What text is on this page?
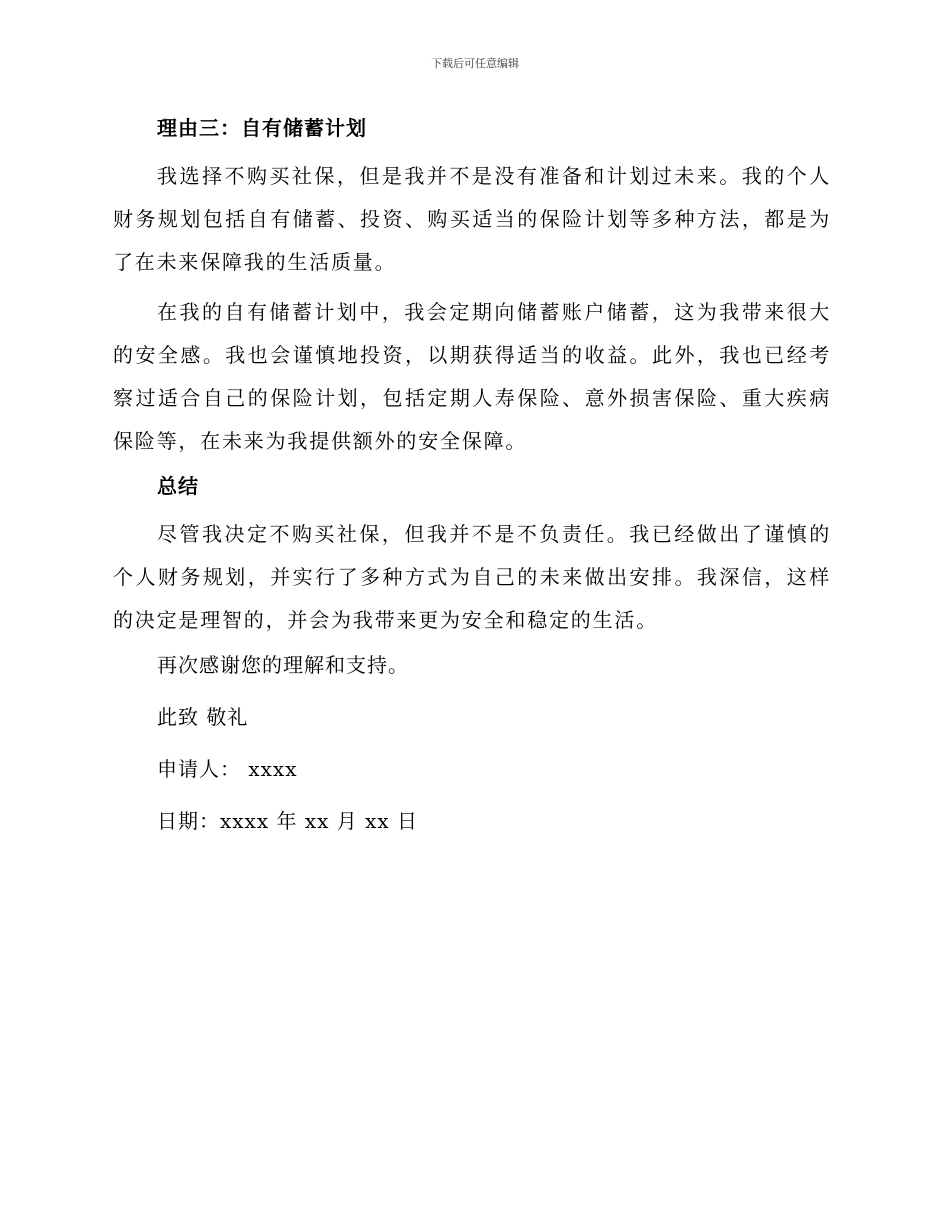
下载后可任意编辑
理由三：自有储蓄计划

我选择不购买社保，但是我并不是没有准备和计划过未来。我的个人财务规划包括自有储蓄、投资、购买适当的保险计划等多种方法，都是为了在未来保障我的生活质量。

在我的自有储蓄计划中，我会定期向储蓄账户储蓄，这为我带来很大的安全感。我也会谨慎地投资，以期获得适当的收益。此外，我也已经考察过适合自己的保险计划，包括定期人寿保险、意外损害保险、重大疾病保险等，在未来为我提供额外的安全保障。

总结

尽管我决定不购买社保，但我并不是不负责任。我已经做出了谨慎的个人财务规划，并实行了多种方式为自己的未来做出安排。我深信，这样的决定是理智的，并会为我带来更为安全和稳定的生活。

再次感谢您的理解和支持。
此致 敬礼
申请人： xxxx
日期：xxxx 年 xx 月 xx 日
